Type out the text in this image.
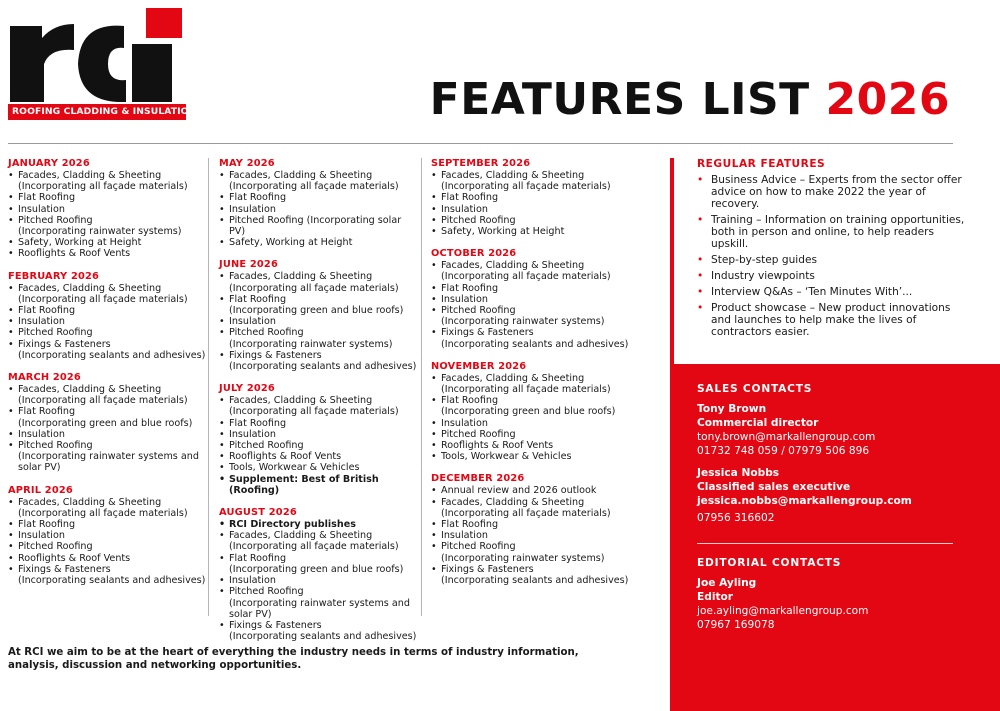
ROOFING CLADDING & INSULATION	FEATURES LIST 2026
JANUARY 2026
• Facades, Cladding & Sheeting
(Incorporating all façade materials)
• Flat Roofing
• Insulation
• Pitched Roofing
(Incorporating rainwater systems)
• Safety, Working at Height
• Rooflights & Roof Vents
FEBRUARY 2026
• Facades, Cladding & Sheeting
(Incorporating all façade materials)
• Flat Roofing
• Insulation
• Pitched Roofing
• Fixings & Fasteners
(Incorporating sealants and adhesives)
MARCH 2026
• Facades, Cladding & Sheeting
(Incorporating all façade materials)
• Flat Roofing
(Incorporating green and blue roofs)
• Insulation
• Pitched Roofing
(Incorporating rainwater systems and solar PV)
APRIL 2026
• Facades, Cladding & Sheeting
(Incorporating all façade materials)
• Flat Roofing
• Insulation
• Pitched Roofing
• Rooflights & Roof Vents
• Fixings & Fasteners
(Incorporating sealants and adhesives)
MAY 2026
• Facades, Cladding & Sheeting
(Incorporating all façade materials)
• Flat Roofing
• Insulation
• Pitched Roofing (Incorporating solar PV)
• Safety, Working at Height
JUNE 2026
• Facades, Cladding & Sheeting
(Incorporating all façade materials)
• Flat Roofing
(Incorporating green and blue roofs)
• Insulation
• Pitched Roofing
(Incorporating rainwater systems)
• Fixings & Fasteners
(Incorporating sealants and adhesives)
JULY 2026
• Facades, Cladding & Sheeting
(Incorporating all façade materials)
• Flat Roofing
• Insulation
• Pitched Roofing
• Rooflights & Roof Vents
• Tools, Workwear & Vehicles
• Supplement: Best of British (Roofing)
AUGUST 2026
• RCI Directory publishes
• Facades, Cladding & Sheeting
(Incorporating all façade materials)
• Flat Roofing
(Incorporating green and blue roofs)
• Insulation
• Pitched Roofing
(Incorporating rainwater systems and solar PV)
• Fixings & Fasteners
(Incorporating sealants and adhesives)
SEPTEMBER 2026
• Facades, Cladding & Sheeting
(Incorporating all façade materials)
• Flat Roofing
• Insulation
• Pitched Roofing
• Safety, Working at Height
OCTOBER 2026
• Facades, Cladding & Sheeting
(Incorporating all façade materials)
• Flat Roofing
• Insulation
• Pitched Roofing
(Incorporating rainwater systems)
• Fixings & Fasteners
(Incorporating sealants and adhesives)
NOVEMBER 2026
• Facades, Cladding & Sheeting
(Incorporating all façade materials)
• Flat Roofing
(Incorporating green and blue roofs)
• Insulation
• Pitched Roofing
• Rooflights & Roof Vents
• Tools, Workwear & Vehicles
DECEMBER 2026
• Annual review and 2026 outlook
• Facades, Cladding & Sheeting
(Incorporating all façade materials)
• Flat Roofing
• Insulation
• Pitched Roofing
(Incorporating rainwater systems)
• Fixings & Fasteners
(Incorporating sealants and adhesives)
At RCI we aim to be at the heart of everything the industry needs in terms of industry information, analysis, discussion and networking opportunities.
REGULAR FEATURES
• Business Advice – Experts from the sector offer advice on how to make 2022 the year of recovery.
• Training – Information on training opportunities, both in person and online, to help readers upskill.
• Step-by-step guides
• Industry viewpoints
• Interview Q&As – ‘Ten Minutes With’...
• Product showcase – New product innovations and launches to help make the lives of contractors easier.
SALES CONTACTS
Tony Brown
Commercial director
tony.brown@markallengroup.com
01732 748 059 / 07979 506 896
Jessica Nobbs
Classified sales executive
jessica.nobbs@markallengroup.com
07956 316602
EDITORIAL CONTACTS
Joe Ayling
Editor
joe.ayling@markallengroup.com
07967 169078
